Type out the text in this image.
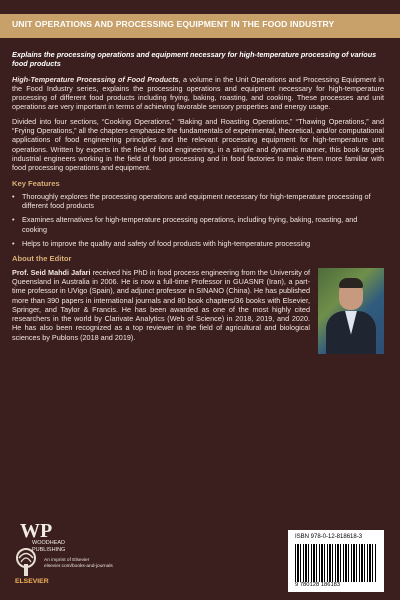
UNIT OPERATIONS AND PROCESSING EQUIPMENT IN THE FOOD INDUSTRY

Explains the processing operations and equipment necessary for high-temperature processing of various food products

High-Temperature Processing of Food Products, a volume in the Unit Operations and Processing Equipment in the Food Industry series, explains the processing operations and equipment necessary for high-temperature processing of different food products including frying, baking, roasting, and cooking. These processes and unit operations are very important in terms of achieving favorable sensory properties and energy usage.

Divided into four sections, “Cooking Operations,” “Baking and Roasting Operations,” “Thawing Operations,” and “Frying Operations,” all the chapters emphasize the fundamentals of experimental, theoretical, and/or computational applications of food engineering principles and the relevant processing equipment for high-temperature unit operations. Written by experts in the field of food engineering, in a simple and dynamic manner, this book targets industrial engineers working in the field of food processing and in food factories to make them more familiar with food processing operations and equipment.

Key Features
•	Thoroughly explores the processing operations and equipment necessary for high-temperature processing of different food products
•	Examines alternatives for high-temperature processing operations, including frying, baking, roasting, and cooking
•	Helps to improve the quality and safety of food products with high-temperature processing
About the Editor
Prof. Seid Mahdi Jafari received his PhD in food process engineering from the University of Queensland in Australia in 2006. He is now a full-time Professor in GUASNR (Iran), a part-time professor in UVigo (Spain), and adjunct professor in SINANO (China). He has published more than 390 papers in international journals and 80 book chapters/36 books with Elsevier, Springer, and Taylor & Francis. He has been awarded as one of the most highly cited researchers in the world by Clarivate Analytics (Web of Science) in 2018, 2019, and 2020. He has also been recognized as a top reviewer in the field of agricultural and biological sciences by Publons (2018 and 2019).
WP
WOODHEAD PUBLISHING
An imprint of Elsevier
elsevier.com/books-and-journals
ELSEVIER
ISBN 978-0-12-818618-3
9 780128 186183
